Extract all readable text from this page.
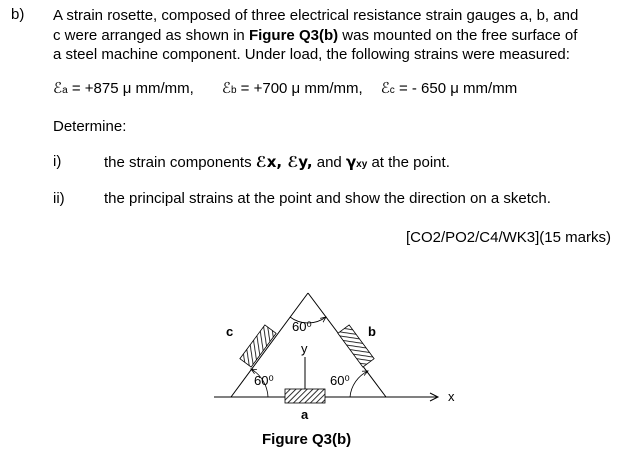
b) A strain rosette, composed of three electrical resistance strain gauges a, b, and
c were arranged as shown in Figure Q3(b) was mounted on the free surface of
a steel machine component. Under load, the following strains were measured:
ℰa = +875 μ mm/mm, ℰb = +700 μ mm/mm, ℰc = - 650 μ mm/mm
Determine:
i)	the strain components ℰx, ℰy, and γxy at the point.
ii)	the principal strains at the point and show the direction on a sketch.
[CO2/PO2/C4/WK3](15 marks)
c	b
a
60⁰
y
60⁰	60⁰
x
Figure Q3(b)
